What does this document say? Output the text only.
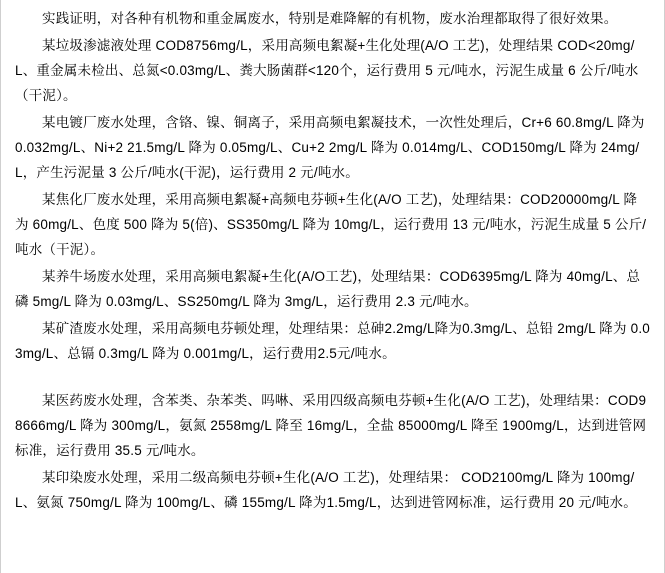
实践证明，对各种有机物和重金属废水，特别是难降解的有机物，废水治理都取得了很好效果。

某垃圾渗滤液处理 COD8756mg/L，采用高频电絮凝+生化处理(A/O 工艺)，处理结果 COD<20mg/L、重金属未检出、总氮<0.03mg/L、粪大肠菌群<120个，运行费用 5 元/吨水，污泥生成量 6 公斤/吨水（干泥）。

某电镀厂废水处理，含铬、镍、铜离子，采用高频电絮凝技术，一次性处理后，Cr+6 60.8mg/L 降为 0.032mg/L、Ni+2 21.5mg/L 降为 0.05mg/L、Cu+2 2mg/L 降为 0.014mg/L、COD150mg/L 降为 24mg/L，产生污泥量 3 公斤/吨水(干泥)，运行费用 2 元/吨水。

某焦化厂废水处理，采用高频电絮凝+高频电芬顿+生化(A/O 工艺)，处理结果：COD20000mg/L 降为 60mg/L、色度 500 降为 5(倍)、SS350mg/L 降为 10mg/L，运行费用 13 元/吨水，污泥生成量 5 公斤/吨水（干泥）。

某养牛场废水处理，采用高频电絮凝+生化(A/O工艺)，处理结果：COD6395mg/L 降为 40mg/L、总磷 5mg/L 降为 0.03mg/L、SS250mg/L 降为 3mg/L，运行费用 2.3 元/吨水。

某矿渣废水处理，采用高频电芬顿处理，处理结果：总砷2.2mg/L降为0.3mg/L、总铅 2mg/L 降为 0.03mg/L、总镉 0.3mg/L 降为 0.001mg/L，运行费用2.5元/吨水。

某医药废水处理，含苯类、杂苯类、吗啉、采用四级高频电芬顿+生化(A/O 工艺)，处理结果：COD98666mg/L 降为 300mg/L，氨氮 2558mg/L 降至 16mg/L，全盐 85000mg/L 降至 1900mg/L，达到进管网标准，运行费用 35.5 元/吨水。

某印染废水处理，采用二级高频电芬顿+生化(A/O 工艺)，处理结果： COD2100mg/L 降为 100mg/L、氨氮 750mg/L 降为 100mg/L、磷 155mg/L 降为1.5mg/L，达到进管网标准，运行费用 20 元/吨水。
